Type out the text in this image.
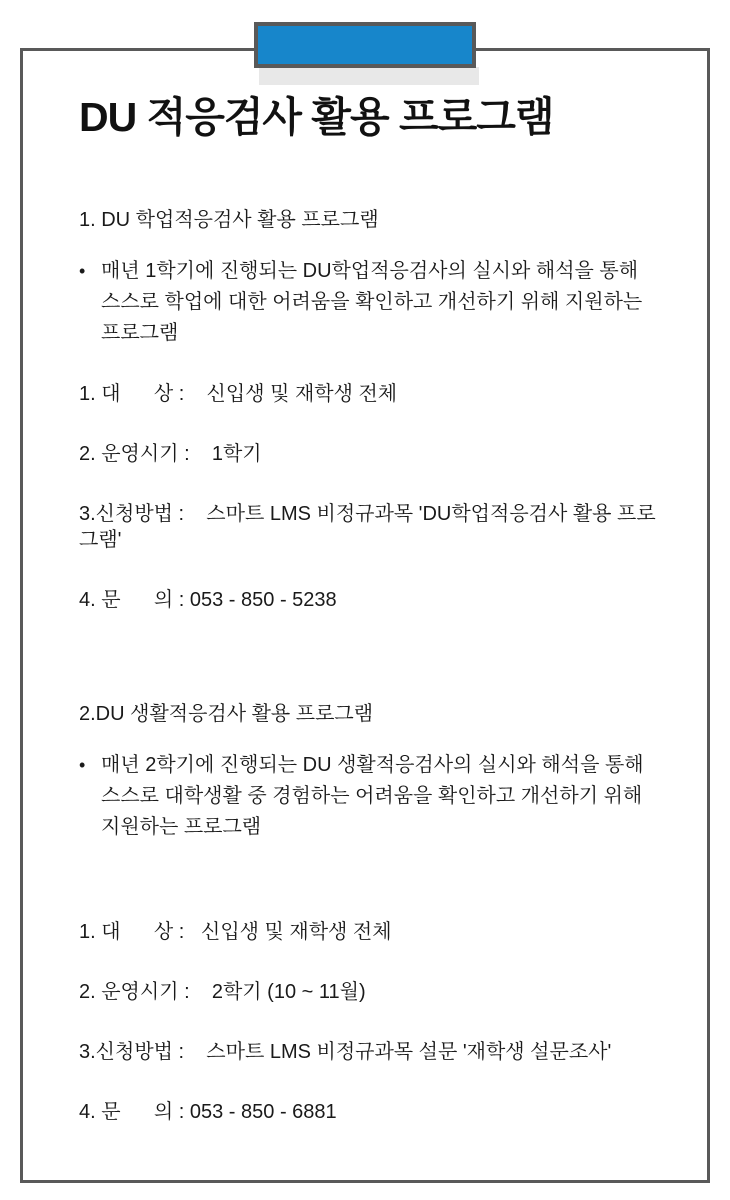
DU 적응검사 활용 프로그램
1. DU 학업적응검사 활용 프로그램
• 매년 1학기에 진행되는 DU학업적응검사의 실시와 해석을 통해 스스로 학업에 대한 어려움을 확인하고 개선하기 위해 지원하는 프로그램
1. 대      상 :    신입생 및 재학생 전체
2. 운영시기 :    1학기
3.신청방법 :    스마트 LMS 비정규과목 'DU학업적응검사 활용 프로그램'
4. 문      의 : 053 - 850 - 5238
2.DU 생활적응검사 활용 프로그램
• 매년 2학기에 진행되는 DU 생활적응검사의 실시와 해석을 통해 스스로 대학생활 중 경험하는 어려움을 확인하고 개선하기 위해 지원하는 프로그램
1. 대      상 :   신입생 및 재학생 전체
2. 운영시기 :    2학기 (10 ~ 11월)
3.신청방법 :    스마트 LMS 비정규과목 설문 '재학생 설문조사'
4. 문      의 : 053 - 850 - 6881
